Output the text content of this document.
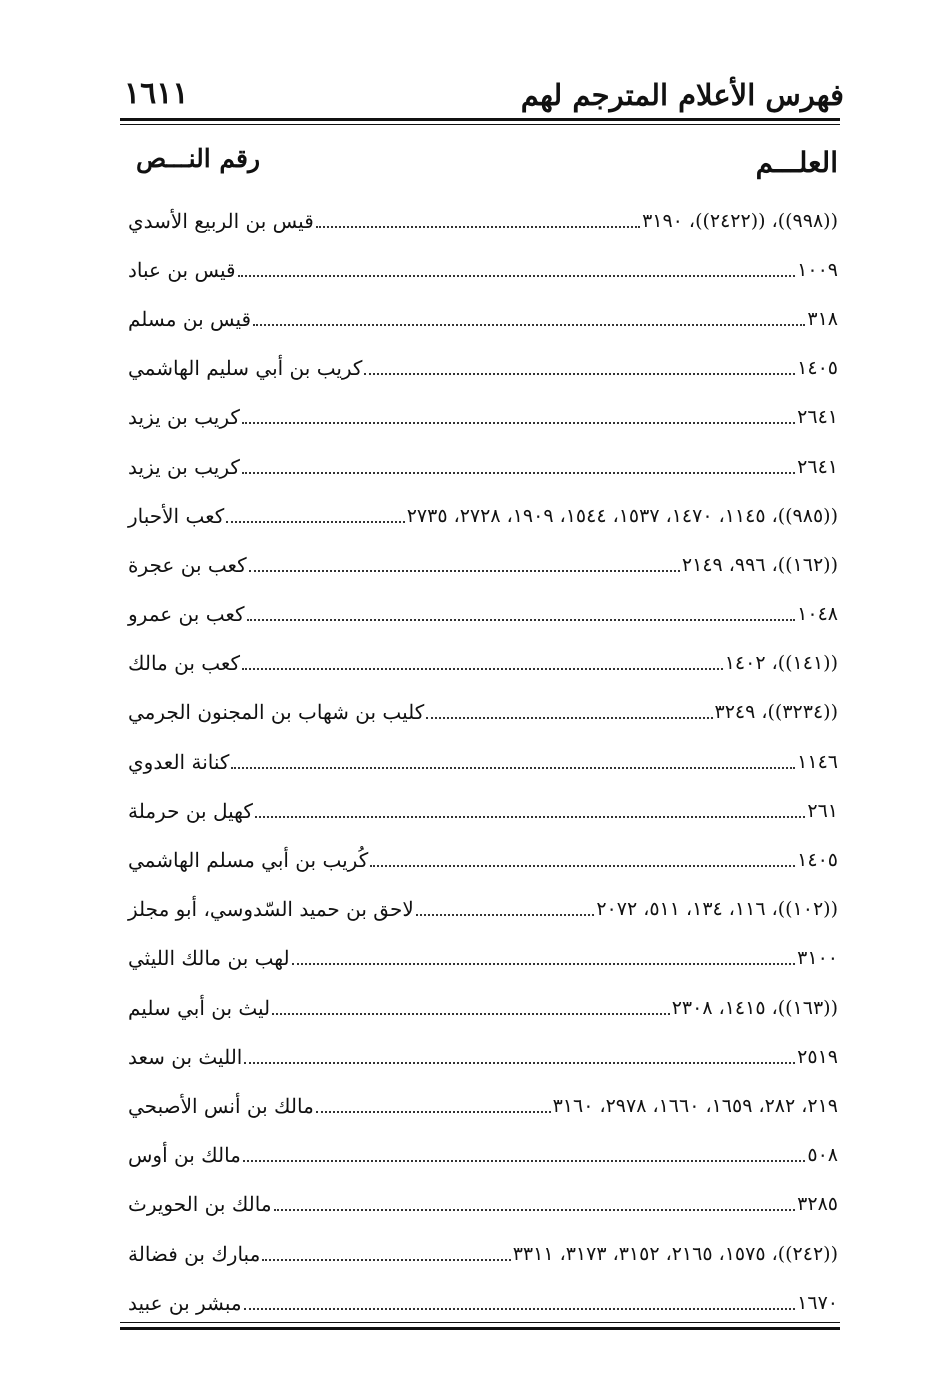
فهرس الأعلام المترجم لهم
١٦١١
العلـــم
رقم النـــص
قيس بن الربيع الأسدي	((٩٩٨))، ((٢٤٢٢))، ٣١٩٠
قيس بن عباد	١٠٠٩
قيس بن مسلم	٣١٨
كريب بن أبي سليم الهاشمي	١٤٠٥
كريب بن يزيد	٢٦٤١
كريب بن يزيد	٢٦٤١
كعب الأحبار	((٩٨٥))، ١١٤٥، ١٤٧٠، ١٥٣٧، ١٥٤٤، ١٩٠٩، ٢٧٢٨، ٢٧٣٥
كعب بن عجرة	((١٦٢))، ٩٩٦، ٢١٤٩
كعب بن عمرو	١٠٤٨
كعب بن مالك	((١٤١))، ١٤٠٢
كليب بن شهاب بن المجنون الجرمي	((٣٢٣٤))، ٣٢٤٩
كنانة العدوي	١١٤٦
كهيل بن حرملة	٢٦١
كُريب بن أبي مسلم الهاشمي	١٤٠٥
لاحق بن حميد السّدوسي، أبو مجلز	((١٠٢))، ١١٦، ١٣٤، ٥١١، ٢٠٧٢
لهب بن مالك الليثي	٣١٠٠
ليث بن أبي سليم	((١٦٣))، ١٤١٥، ٢٣٠٨
الليث بن سعد	٢٥١٩
مالك بن أنس الأصبحي	٢١٩، ٢٨٢، ١٦٥٩، ١٦٦٠، ٢٩٧٨، ٣١٦٠
مالك بن أوس	٥٠٨
مالك بن الحويرث	٣٢٨٥
مبارك بن فضالة	((٢٤٢))، ١٥٧٥، ٢١٦٥، ٣١٥٢، ٣١٧٣، ٣٣١١
مبشر بن عبيد	١٦٧٠
